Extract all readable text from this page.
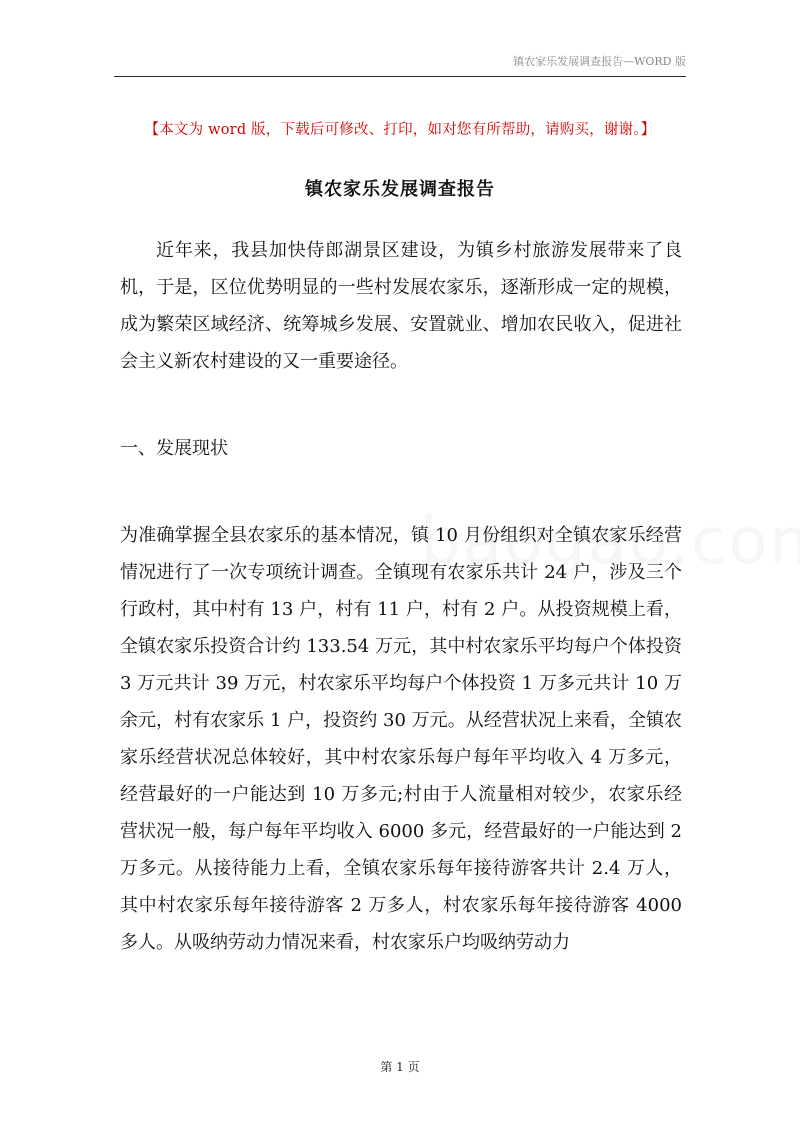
镇农家乐发展调查报告—WORD 版
【本文为 word 版，下载后可修改、打印，如对您有所帮助，请购买，谢谢。】
镇农家乐发展调查报告

近年来，我县加快侍郎湖景区建设，为镇乡村旅游发展带来了良机，于是，区位优势明显的一些村发展农家乐，逐渐形成一定的规模，成为繁荣区域经济、统筹城乡发展、安置就业、增加农民收入，促进社会主义新农村建设的又一重要途径。

一、发展现状

为准确掌握全县农家乐的基本情况，镇 10 月份组织对全镇农家乐经营情况进行了一次专项统计调查。全镇现有农家乐共计 24 户，涉及三个行政村，其中村有 13 户，村有 11 户，村有 2 户。从投资规模上看，全镇农家乐投资合计约 133.54 万元，其中村农家乐平均每户个体投资 3 万元共计 39 万元，村农家乐平均每户个体投资 1 万多元共计 10 万余元，村有农家乐 1 户，投资约 30 万元。从经营状况上来看，全镇农家乐经营状况总体较好，其中村农家乐每户每年平均收入 4 万多元，经营最好的一户能达到 10 万多元;村由于人流量相对较少，农家乐经营状况一般，每户每年平均收入 6000 多元，经营最好的一户能达到 2 万多元。从接待能力上看，全镇农家乐每年接待游客共计 2.4 万人，其中村农家乐每年接待游客 2 万多人，村农家乐每年接待游客 4000 多人。从吸纳劳动力情况来看，村农家乐户均吸纳劳动力

第 1 页
